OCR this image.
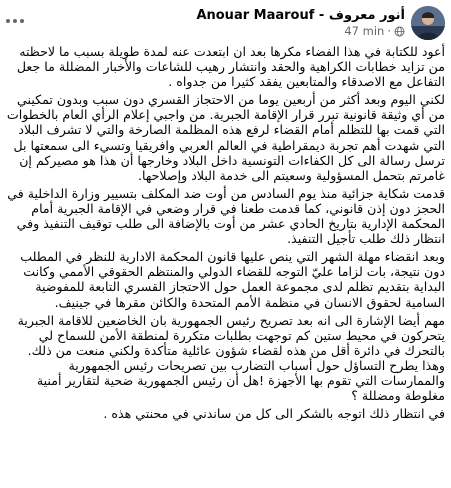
Anouar Maarouf - أنور معروف
47 min ·

أعود للكتابة في هذا الفضاء مكرها بعد ان ابتعدت عنه لمدة طويلة بسبب ما لاحظته من تزايد خطابات الكراهية والحقد وانتشار رهيب للشاعات والأخبار المضللة ما جعل التفاعل مع الاصدقاء والمتابعين يفقد كثيرا من جدواه .

لكني اليوم وبعد أكثر من أربعين يوما من الاحتجاز القسري دون سبب وبدون تمكيني من أي وثيقة قانونية تبرر قرار الإقامة الجبرية. من واجبي إعلام الرأي العام بالخطوات التي قمت بها للتظلم أمام القضاء لرفع هذه المظلمة الصارخة والتي لا تشرف البلاد التي شهدت أهم تجربة ديمقراطية في العالم العربي وافريقيا وتسيء الى سمعتها بل ترسل رسالة الى كل الكفاءات التونسية داخل البلاد وخارجها أن هذا هو مصيركم إن غامرتم بتحمل المسؤولية وسعيتم الى خدمة البلاد وإصلاحها.

قدمت شكاية جزائية منذ يوم السادس من أوت ضد المكلف بتسيير وزارة الداخلية في الحجز دون إذن قانوني، كما قدمت طعنا في قرار وضعي في الإقامة الجبرية أمام المحكمة الإدارية بتاريخ الحادي عشر من أوت بالإضافة الى طلب توقيف التنفيذ وفي انتظار ذلك طلب تأجيل التنفيذ.

وبعد انقضاء مهلة الشهر التي ينص عليها قانون المحكمة الادارية للنظر في المطلب دون نتيجة، بات لزاما عليّ التوجه للقضاء الدولي والمنتظم الحقوقي الأممي وكانت البداية بتقديم تظلم لدى مجموعة العمل حول الاحتجاز القسري التابعة للمفوضية السامية لحقوق الانسان في منظمة الأمم المتحدة والكائن مقرها في جينيف.

مهم أيضا الإشارة الى انه بعد تصريح رئيس الجمهورية بان الخاضعين للاقامة الجبرية يتحركون في محيط ستين كم توجهت بطلبات متكررة لمنطقة الأمن للسماح لي بالتحرك في دائرة أقل من هذه لقضاء شؤون عائلية متأكدة ولكني منعت من ذلك. وهذا يطرح التساؤل حول أسباب التضارب بين تصريحات رئيس الجمهورية والممارسات التي تقوم بها الأجهزة !هل أن رئيس الجمهورية ضحية لتقارير أمنية مغلوطة ومضللة ؟

في انتظار ذلك اتوجه بالشكر الى كل من ساندني في محنتي هذه .
